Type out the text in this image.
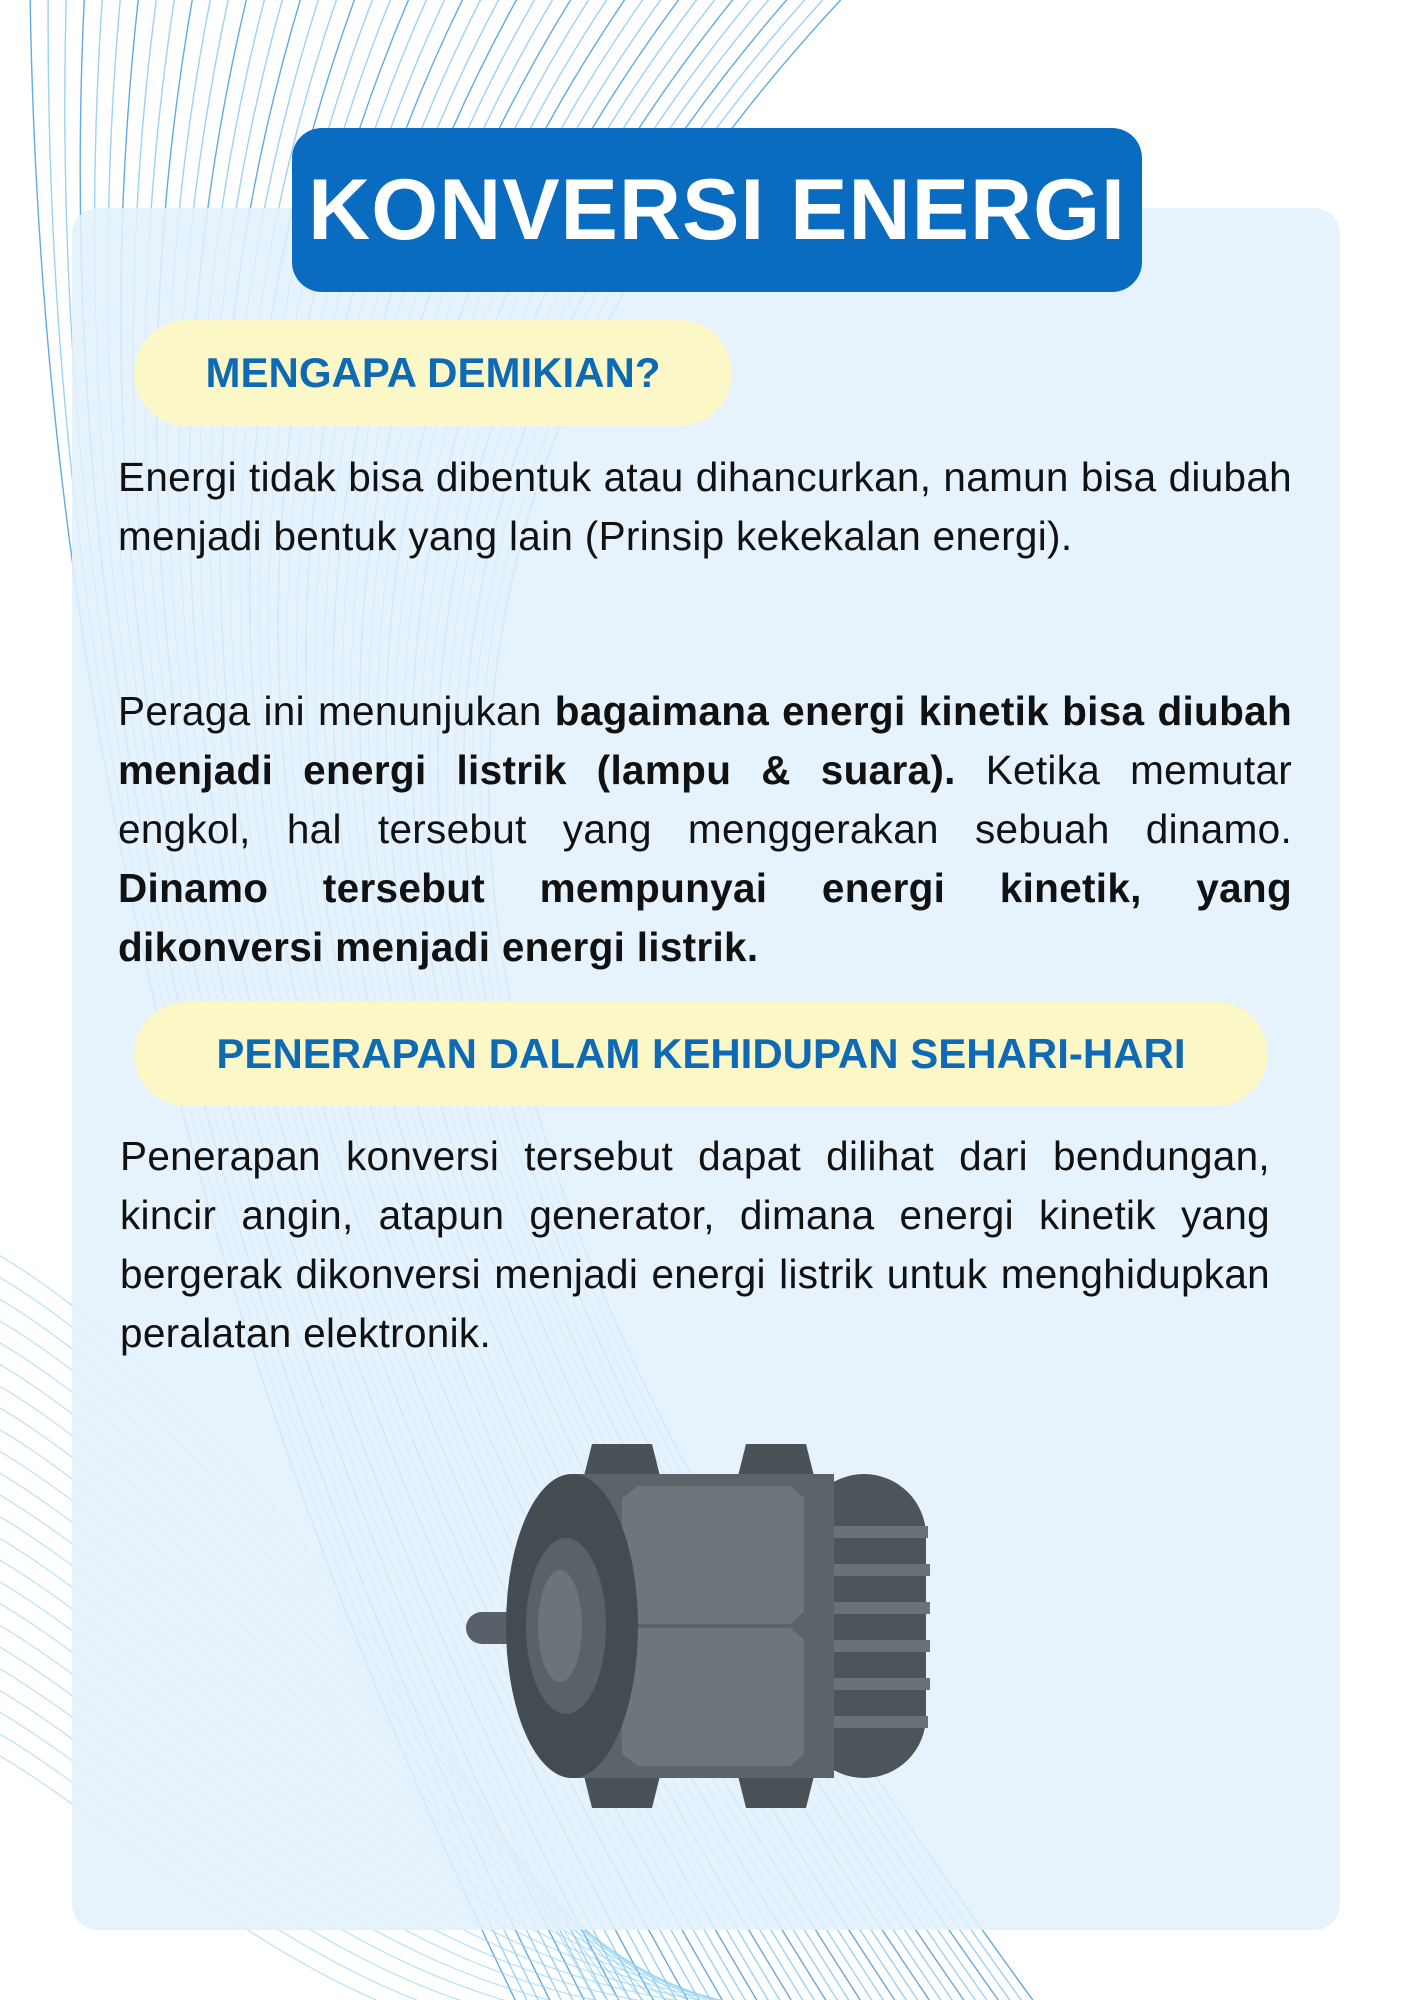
KONVERSI ENERGI
MENGAPA DEMIKIAN?

Energi tidak bisa dibentuk atau dihancurkan, namun bisa diubah menjadi bentuk yang lain (Prinsip kekekalan energi).

Peraga ini menunjukan bagaimana energi kinetik bisa diubah menjadi energi listrik (lampu & suara). Ketika memutar engkol, hal tersebut yang menggerakan sebuah dinamo. Dinamo tersebut mempunyai energi kinetik, yang dikonversi menjadi energi listrik.

PENERAPAN DALAM KEHIDUPAN SEHARI-HARI

Penerapan konversi tersebut dapat dilihat dari bendungan, kincir angin, atapun generator, dimana energi kinetik yang bergerak dikonversi menjadi energi listrik untuk menghidupkan peralatan elektronik.
